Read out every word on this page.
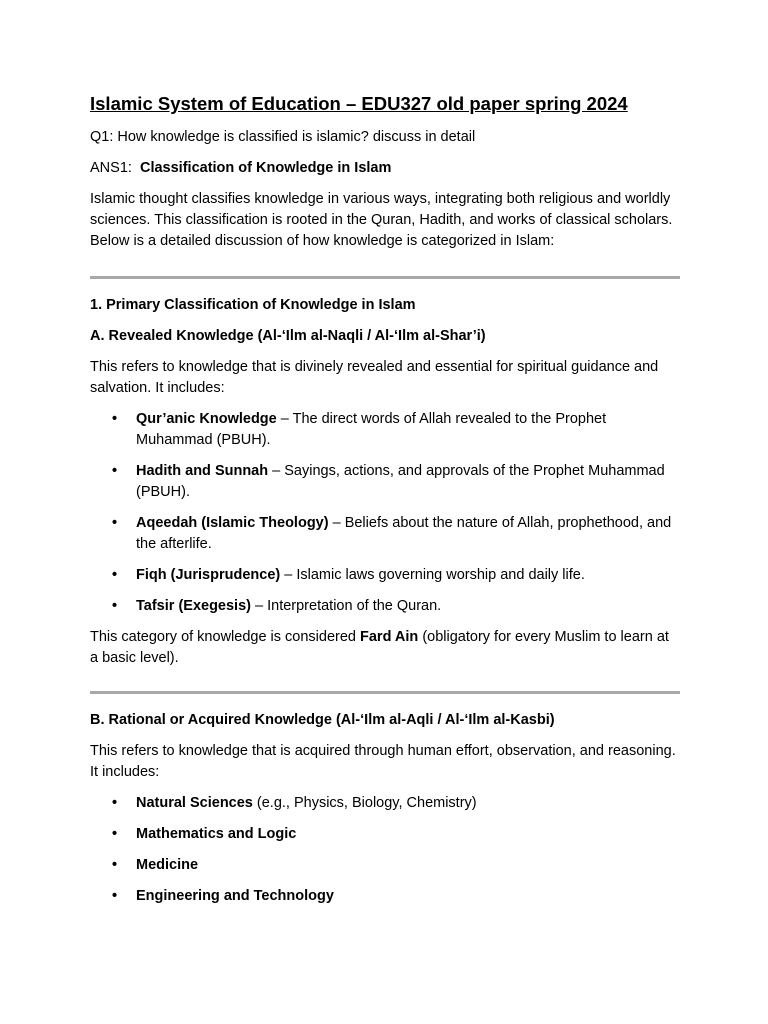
Islamic System of Education – EDU327 old paper spring 2024

Q1: How knowledge is classified is islamic? discuss in detail

ANS1: Classification of Knowledge in Islam

Islamic thought classifies knowledge in various ways, integrating both religious and worldly sciences. This classification is rooted in the Quran, Hadith, and works of classical scholars. Below is a detailed discussion of how knowledge is categorized in Islam:

1. Primary Classification of Knowledge in Islam

A. Revealed Knowledge (Al-‘Ilm al-Naqli / Al-‘Ilm al-Shar’i)

This refers to knowledge that is divinely revealed and essential for spiritual guidance and salvation. It includes:

• Qur’anic Knowledge – The direct words of Allah revealed to the Prophet Muhammad (PBUH).
• Hadith and Sunnah – Sayings, actions, and approvals of the Prophet Muhammad (PBUH).
• Aqeedah (Islamic Theology) – Beliefs about the nature of Allah, prophethood, and the afterlife.
• Fiqh (Jurisprudence) – Islamic laws governing worship and daily life.
• Tafsir (Exegesis) – Interpretation of the Quran.

This category of knowledge is considered Fard Ain (obligatory for every Muslim to learn at a basic level).

B. Rational or Acquired Knowledge (Al-‘Ilm al-Aqli / Al-‘Ilm al-Kasbi)

This refers to knowledge that is acquired through human effort, observation, and reasoning. It includes:

• Natural Sciences (e.g., Physics, Biology, Chemistry)
• Mathematics and Logic
• Medicine
• Engineering and Technology
